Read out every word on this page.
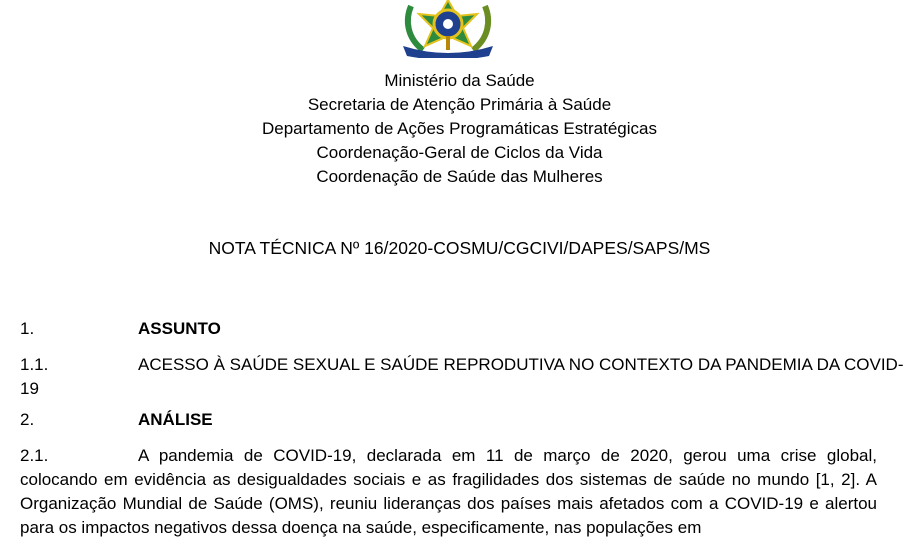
Ministério da Saúde
Secretaria de Atenção Primária à Saúde
Departamento de Ações Programáticas Estratégicas
Coordenação-Geral de Ciclos da Vida
Coordenação de Saúde das Mulheres
NOTA TÉCNICA Nº 16/2020-COSMU/CGCIVI/DAPES/SAPS/MS
1.	ASSUNTO
1.1.	ACESSO À SAÚDE SEXUAL E SAÚDE REPRODUTIVA NO CONTEXTO DA PANDEMIA DA COVID-
19
2.	ANÁLISE
2.1.	A pandemia de COVID-19, declarada em 11 de março de 2020, gerou uma crise global, colocando em evidência as desigualdades sociais e as fragilidades dos sistemas de saúde no mundo [1, 2]. A Organização Mundial de Saúde (OMS), reuniu lideranças dos países mais afetados com a COVID-19 e alertou para os impactos negativos dessa doença na saúde, especificamente, nas populações em
